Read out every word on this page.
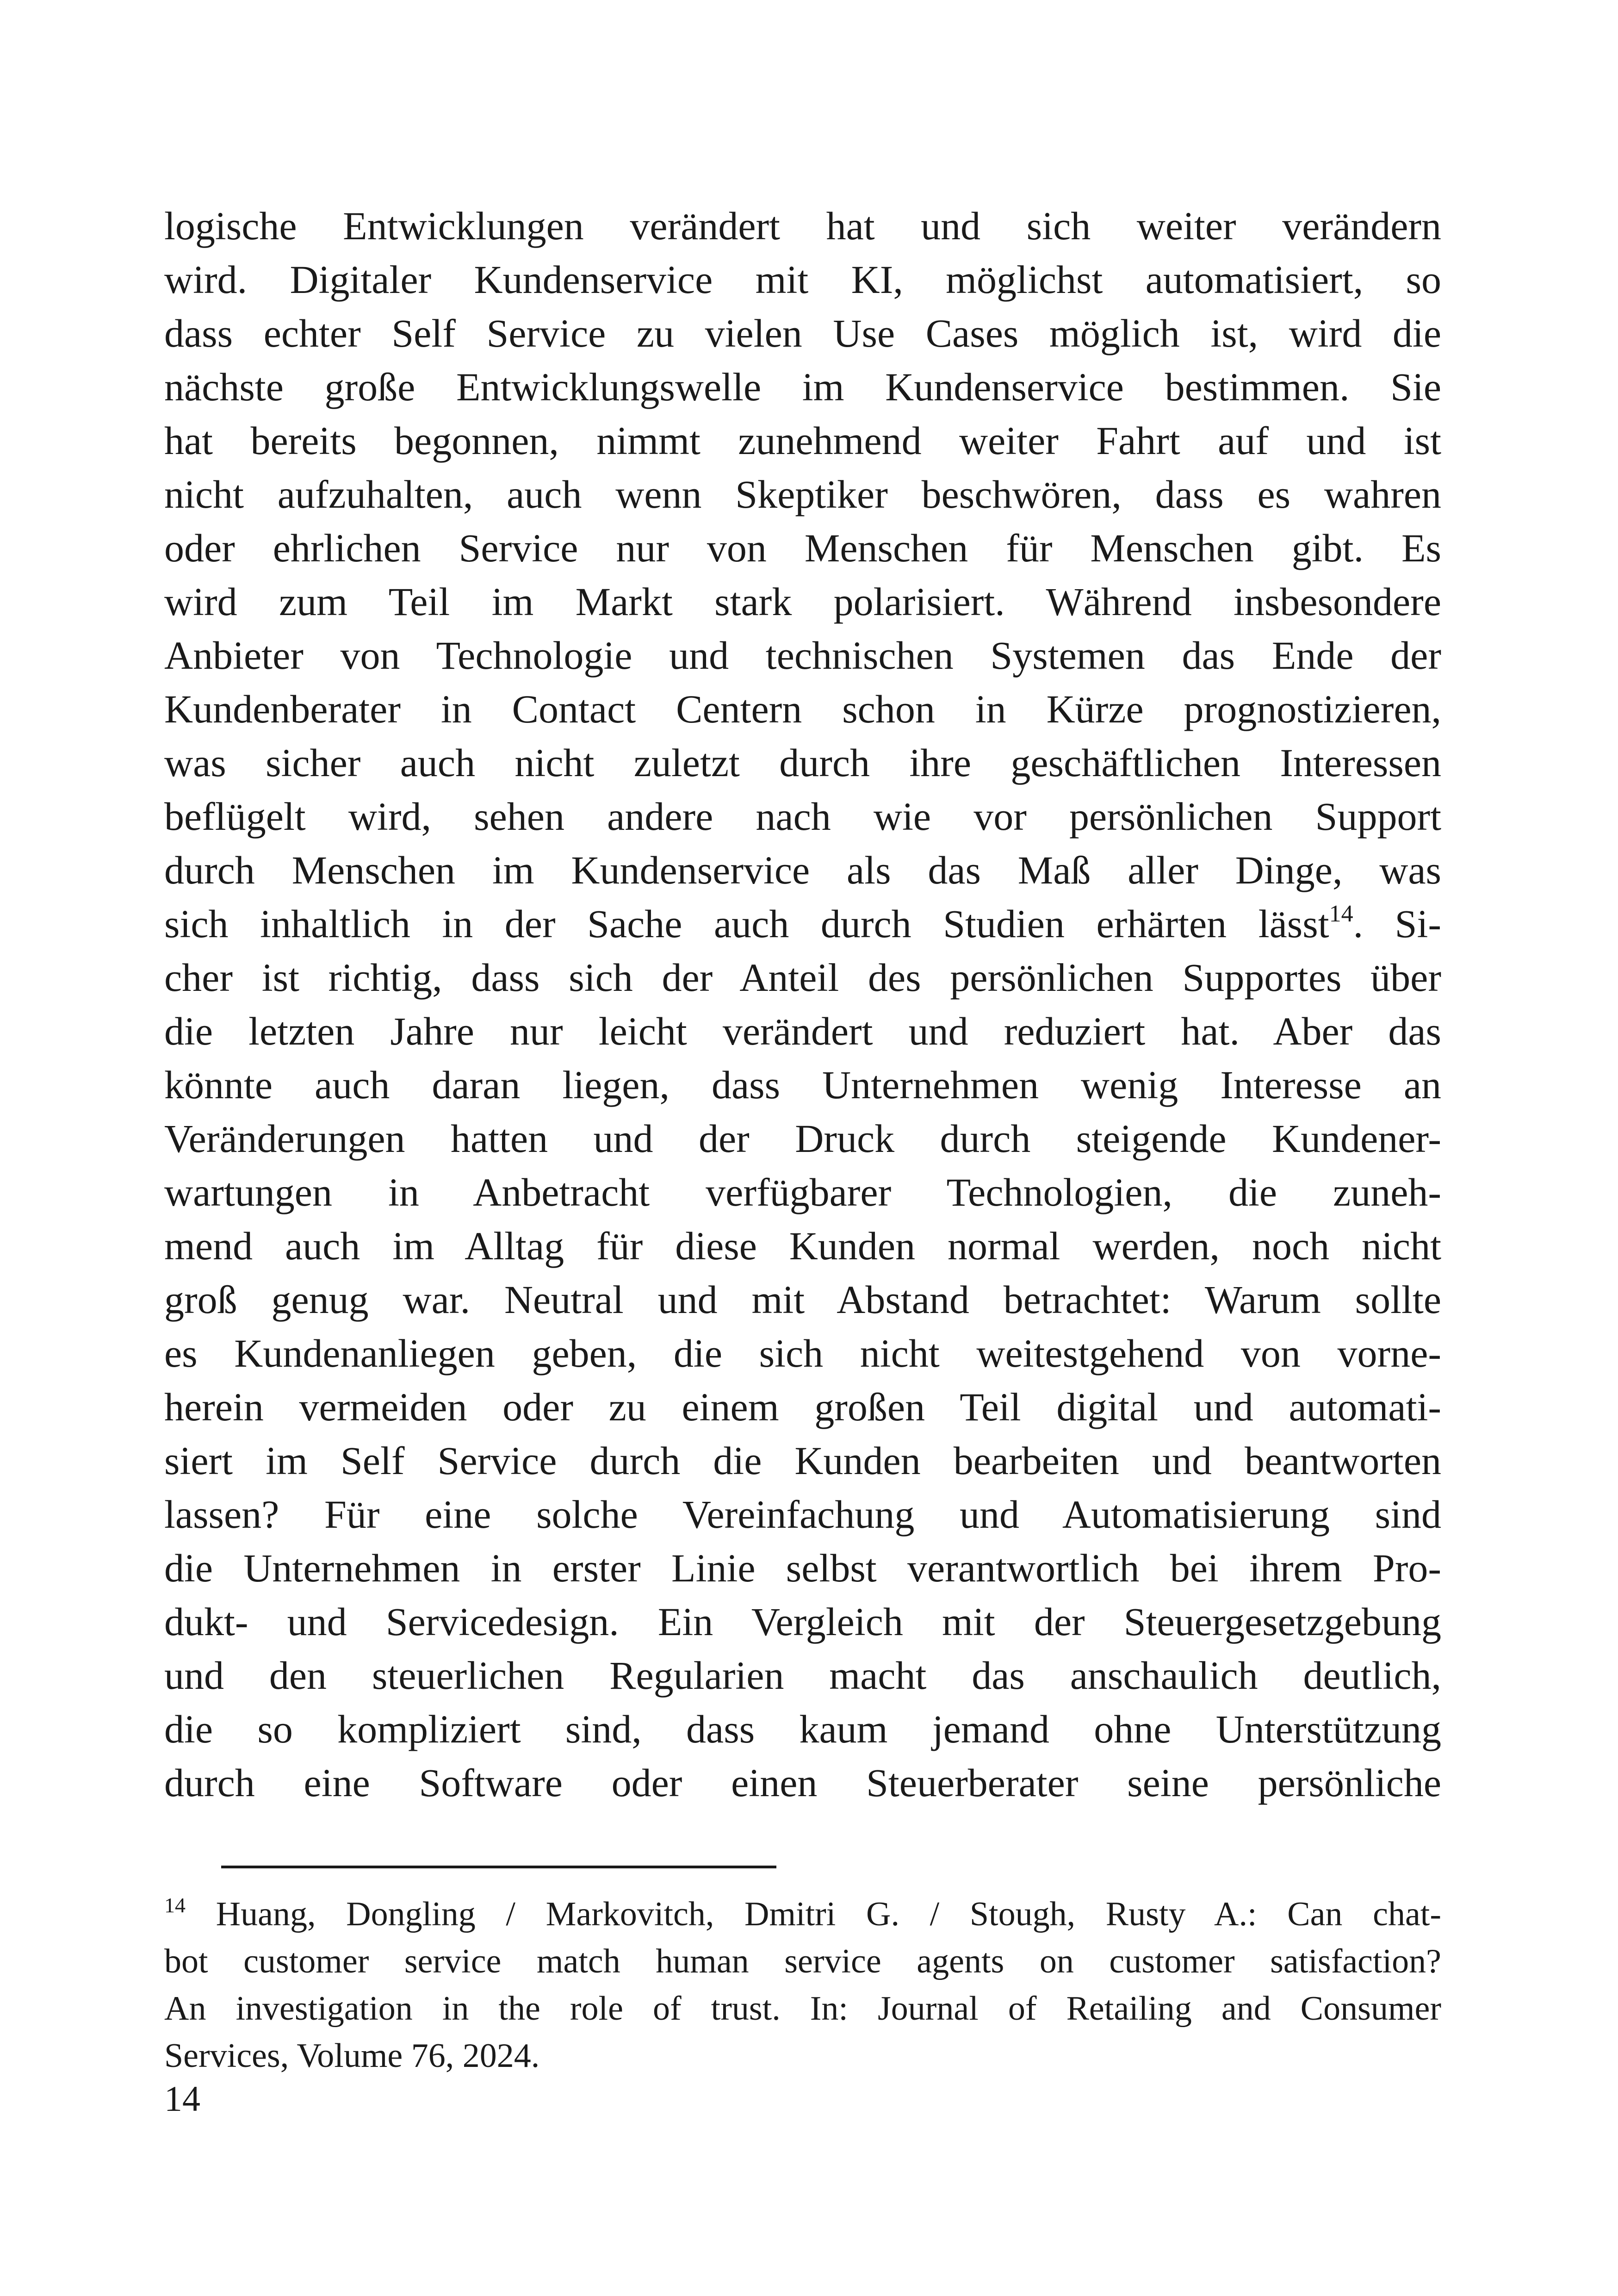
logische Entwicklungen verändert hat und sich weiter verändern
wird. Digitaler Kundenservice mit KI, möglichst automatisiert, so
dass echter Self Service zu vielen Use Cases möglich ist, wird die
nächste große Entwicklungswelle im Kundenservice bestimmen. Sie
hat bereits begonnen, nimmt zunehmend weiter Fahrt auf und ist
nicht aufzuhalten, auch wenn Skeptiker beschwören, dass es wahren
oder ehrlichen Service nur von Menschen für Menschen gibt. Es
wird zum Teil im Markt stark polarisiert. Während insbesondere
Anbieter von Technologie und technischen Systemen das Ende der
Kundenberater in Contact Centern schon in Kürze prognostizieren,
was sicher auch nicht zuletzt durch ihre geschäftlichen Interessen
beflügelt wird, sehen andere nach wie vor persönlichen Support
durch Menschen im Kundenservice als das Maß aller Dinge, was
sich inhaltlich in der Sache auch durch Studien erhärten lässt$^{14}$. Si-
cher ist richtig, dass sich der Anteil des persönlichen Supportes über
die letzten Jahre nur leicht verändert und reduziert hat. Aber das
könnte auch daran liegen, dass Unternehmen wenig Interesse an
Veränderungen hatten und der Druck durch steigende Kundener-
wartungen in Anbetracht verfügbarer Technologien, die zuneh-
mend auch im Alltag für diese Kunden normal werden, noch nicht
groß genug war. Neutral und mit Abstand betrachtet: Warum sollte
es Kundenanliegen geben, die sich nicht weitestgehend von vorne-
herein vermeiden oder zu einem großen Teil digital und automati-
siert im Self Service durch die Kunden bearbeiten und beantworten
lassen? Für eine solche Vereinfachung und Automatisierung sind
die Unternehmen in erster Linie selbst verantwortlich bei ihrem Pro-
dukt- und Servicedesign. Ein Vergleich mit der Steuergesetzgebung
und den steuerlichen Regularien macht das anschaulich deutlich,
die so kompliziert sind, dass kaum jemand ohne Unterstützung
durch eine Software oder einen Steuerberater seine persönliche
$^{14}$ Huang, Dongling / Markovitch, Dmitri G. / Stough, Rusty A.: Can chat-
bot customer service match human service agents on customer satisfaction?
An investigation in the role of trust. In: Journal of Retailing and Consumer
Services, Volume 76, 2024.
14
